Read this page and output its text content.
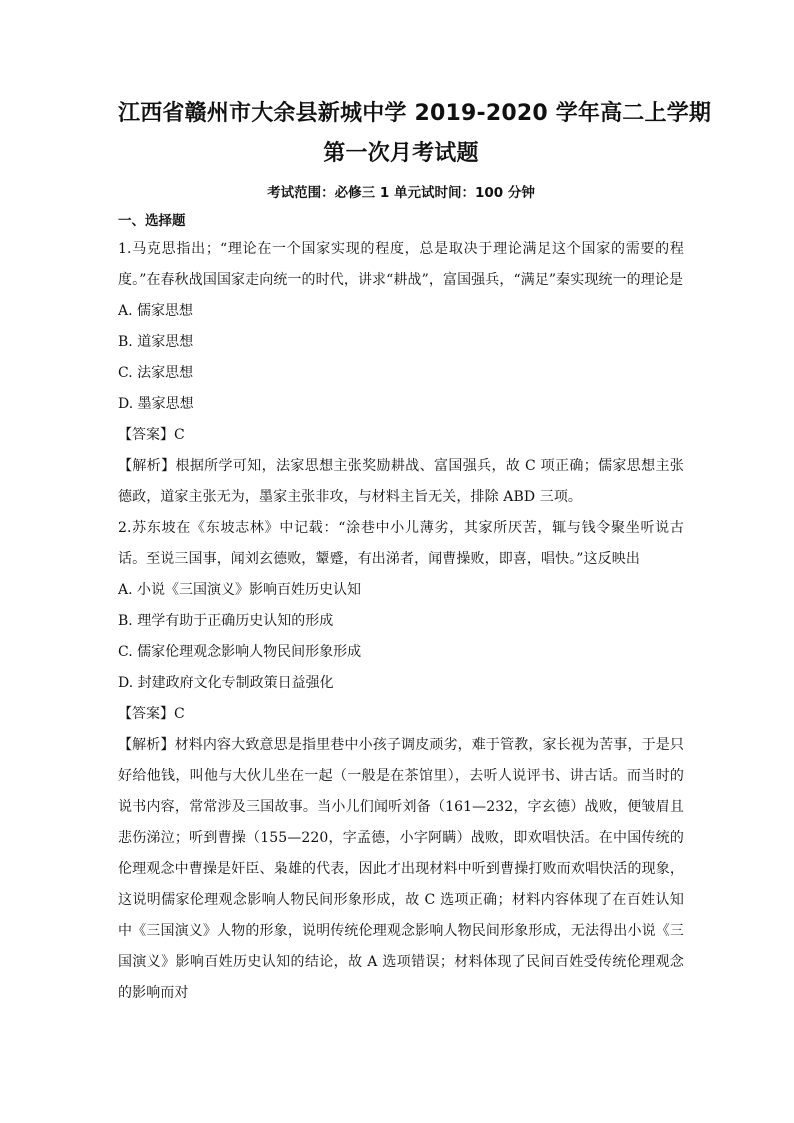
江西省赣州市大余县新城中学 2019-2020 学年高二上学期
第一次月考试题
考试范围：必修三 1 单元试时间：100 分钟
一、选择题
1.马克思指出；“理论在一个国家实现的程度，总是取决于理论满足这个国家的需要的程度。”在春秋战国国家走向统一的时代，讲求“耕战”，富国强兵，“满足”秦实现统一的理论是
A. 儒家思想
B. 道家思想
C. 法家思想
D. 墨家思想
【答案】C
【解析】根据所学可知，法家思想主张奖励耕战、富国强兵，故 C 项正确；儒家思想主张德政，道家主张无为，墨家主张非攻，与材料主旨无关，排除 ABD 三项。
2.苏东坡在《东坡志林》中记载：“涂巷中小儿薄劣，其家所厌苦，辄与钱令聚坐听说古话。至说三国事，闻刘玄德败，颦蹙，有出涕者，闻曹操败，即喜，唱快。”这反映出
A. 小说《三国演义》影响百姓历史认知
B. 理学有助于正确历史认知的形成
C. 儒家伦理观念影响人物民间形象形成
D. 封建政府文化专制政策日益强化
【答案】C
【解析】材料内容大致意思是指里巷中小孩子调皮顽劣，难于管教，家长视为苦事，于是只好给他钱，叫他与大伙儿坐在一起（一般是在茶馆里），去听人说评书、讲古话。而当时的说书内容，常常涉及三国故事。当小儿们闻听刘备（161—232，字玄德）战败，便皱眉且悲伤涕泣；听到曹操（155—220，字孟德，小字阿瞒）战败，即欢唱快活。在中国传统的伦理观念中曹操是奸臣、枭雄的代表，因此才出现材料中听到曹操打败而欢唱快活的现象，这说明儒家伦理观念影响人物民间形象形成，故 C 选项正确；材料内容体现了在百姓认知中《三国演义》人物的形象，说明传统伦理观念影响人物民间形象形成，无法得出小说《三国演义》影响百姓历史认知的结论，故 A 选项错误；材料体现了民间百姓受传统伦理观念的影响而对
